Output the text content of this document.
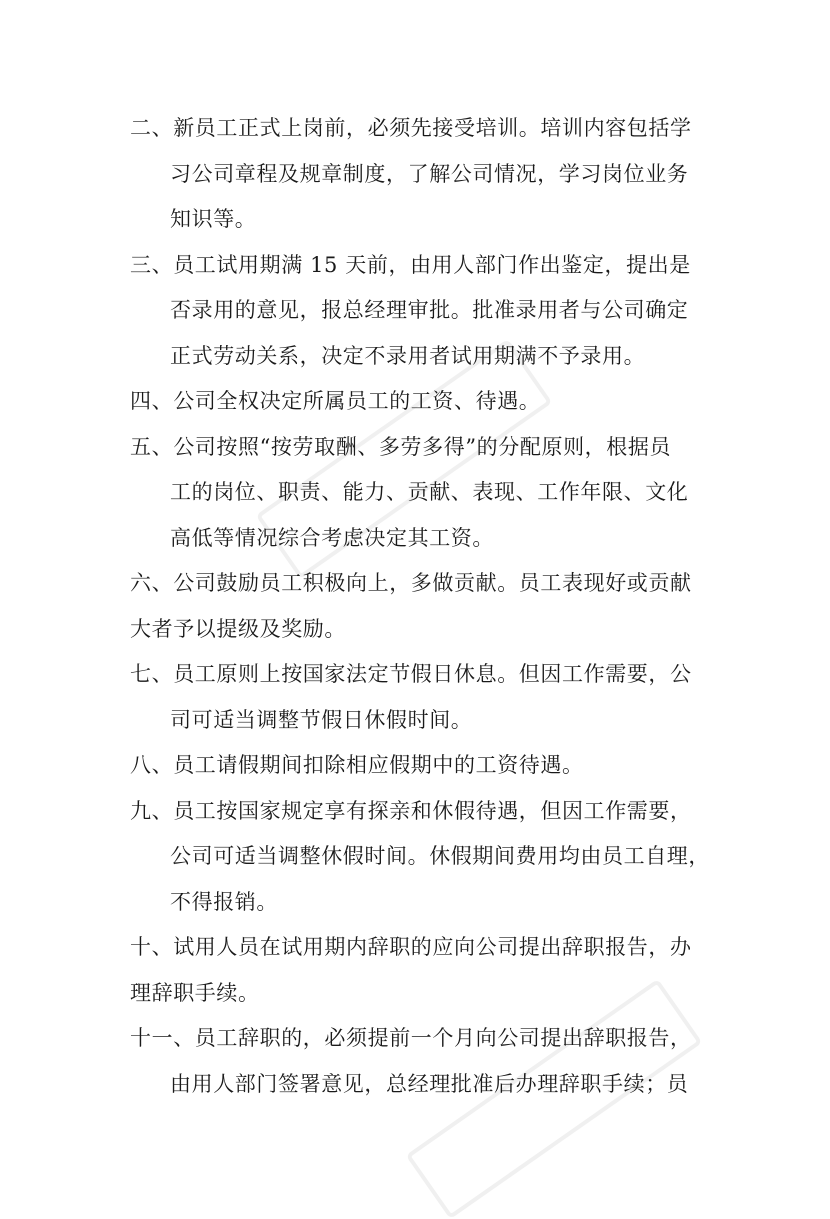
二、新员工正式上岗前，必须先接受培训。培训内容包括学
习公司章程及规章制度，了解公司情况，学习岗位业务
知识等。

三、员工试用期满 15 天前，由用人部门作出鉴定，提出是
否录用的意见，报总经理审批。批准录用者与公司确定
正式劳动关系，决定不录用者试用期满不予录用。

四、公司全权决定所属员工的工资、待遇。

五、公司按照“按劳取酬、多劳多得”的分配原则，根据员
工的岗位、职责、能力、贡献、表现、工作年限、文化
高低等情况综合考虑决定其工资。

六、公司鼓励员工积极向上，多做贡献。员工表现好或贡献
大者予以提级及奖励。

七、员工原则上按国家法定节假日休息。但因工作需要，公
司可适当调整节假日休假时间。

八、员工请假期间扣除相应假期中的工资待遇。

九、员工按国家规定享有探亲和休假待遇，但因工作需要，
公司可适当调整休假时间。休假期间费用均由员工自理，
不得报销。

十、试用人员在试用期内辞职的应向公司提出辞职报告，办
理辞职手续。

十一、员工辞职的，必须提前一个月向公司提出辞职报告，
由用人部门签署意见，总经理批准后办理辞职手续；员
